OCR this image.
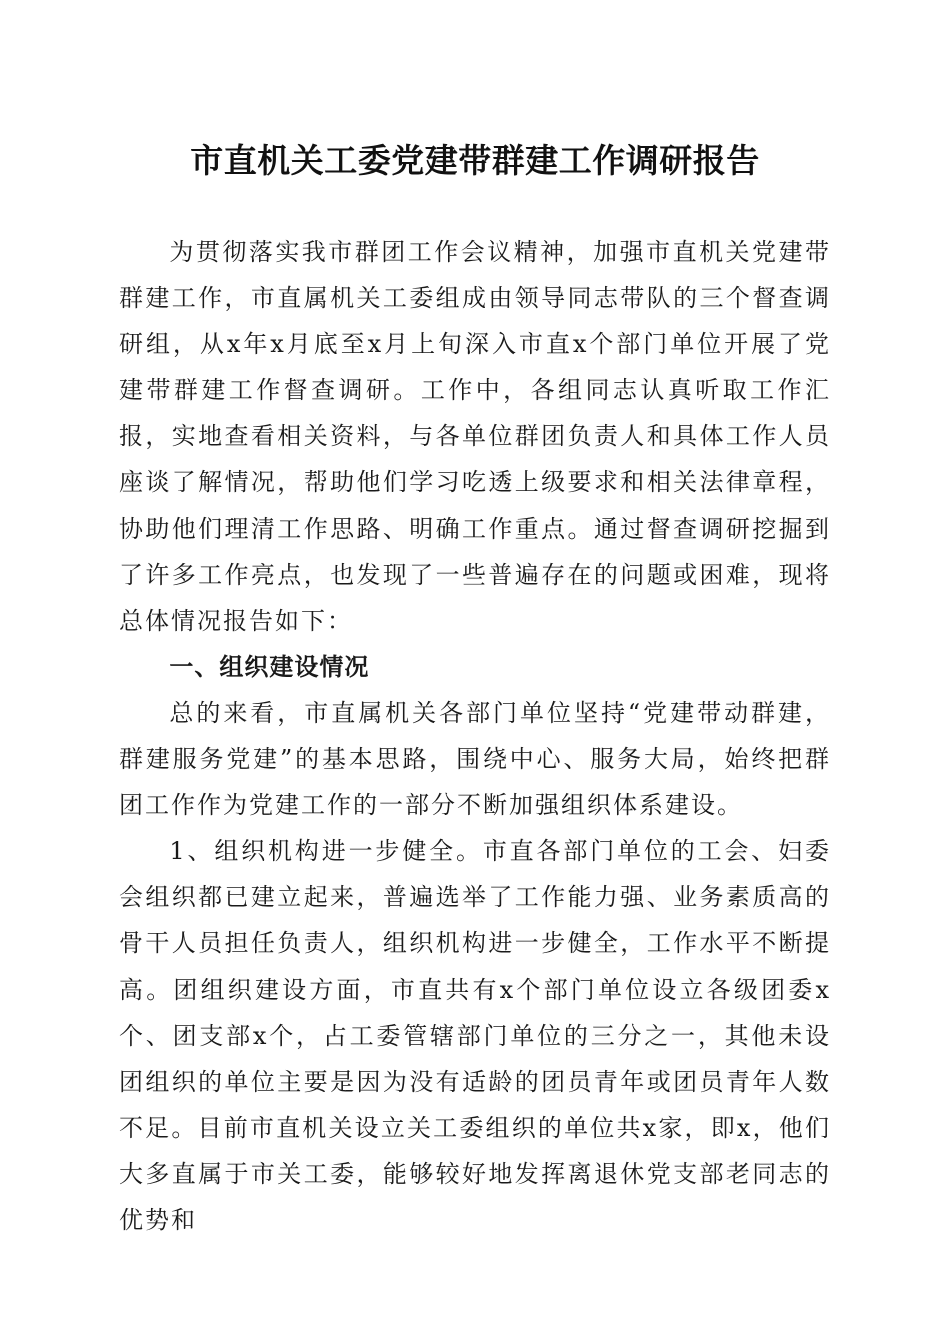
市直机关工委党建带群建工作调研报告

为贯彻落实我市群团工作会议精神，加强市直机关党建带群建工作，市直属机关工委组成由领导同志带队的三个督查调研组，从x年x月底至x月上旬深入市直x个部门单位开展了党建带群建工作督查调研。工作中，各组同志认真听取工作汇报，实地查看相关资料，与各单位群团负责人和具体工作人员座谈了解情况，帮助他们学习吃透上级要求和相关法律章程，协助他们理清工作思路、明确工作重点。通过督查调研挖掘到了许多工作亮点，也发现了一些普遍存在的问题或困难，现将总体情况报告如下：

一、组织建设情况

总的来看，市直属机关各部门单位坚持“党建带动群建，群建服务党建”的基本思路，围绕中心、服务大局，始终把群团工作作为党建工作的一部分不断加强组织体系建设。

1、组织机构进一步健全。市直各部门单位的工会、妇委会组织都已建立起来，普遍选举了工作能力强、业务素质高的骨干人员担任负责人，组织机构进一步健全，工作水平不断提高。团组织建设方面，市直共有x个部门单位设立各级团委x个、团支部x个，占工委管辖部门单位的三分之一，其他未设团组织的单位主要是因为没有适龄的团员青年或团员青年人数不足。目前市直机关设立关工委组织的单位共x家，即x，他们大多直属于市关工委，能够较好地发挥离退休党支部老同志的优势和
